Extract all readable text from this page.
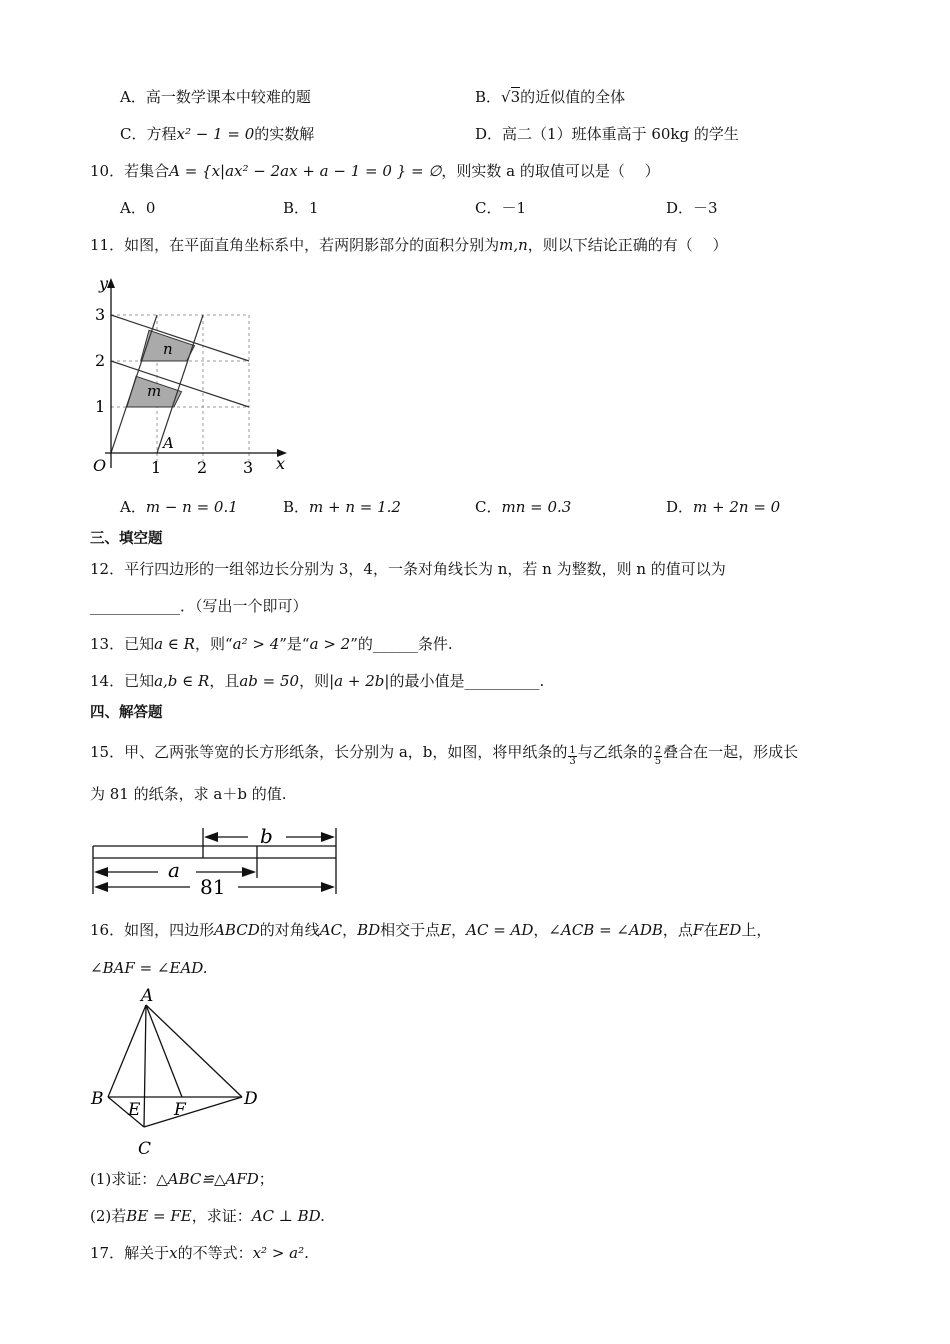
A．高一数学课本中较难的题	B．√3的近似值的全体
C．方程x² − 1 = 0的实数解	D．高二（1）班体重高于 60kg 的学生
10．若集合A = {x|ax² − 2ax + a − 1 = 0 } = ∅，则实数 a 的取值可以是（　 ）
A．0	B．1	C．－1	D．－3
11．如图，在平面直角坐标系中，若两阴影部分的面积分别为m,n，则以下结论正确的有（　 ）
y
x
O	1 2 3
1
2
3
n
m
A
A．m − n = 0.1	B．m + n = 1.2	C．mn = 0.3	D．m + 2n = 0
三、填空题
12．平行四边形的一组邻边长分别为 3，4，一条对角线长为 n，若 n 为整数，则 n 的值可以为
____________．（写出一个即可）
13．已知a ∈ R，则“a² > 4”是“a > 2”的______条件.
14．已知a,b ∈ R，且ab = 50，则|a + 2b|的最小值是__________.
四、解答题
15．甲、乙两张等宽的长方形纸条，长分别为 a，b，如图，将甲纸条的 $\frac{1}{3}$ 与乙纸条的 $\frac{2}{5}$ 叠合在一起，形成长
为 81 的纸条，求 a＋b 的值.
b
a
81
16．如图，四边形ABCD的对角线AC，BD相交于点E，AC = AD，∠ACB = ∠ADB，点F在ED上，
∠BAF = ∠EAD.
A
B
C
D
E F
(1)求证：△ABC≌△AFD；
(2)若BE = FE，求证：AC ⊥ BD.
17．解关于x的不等式：x² > a².
